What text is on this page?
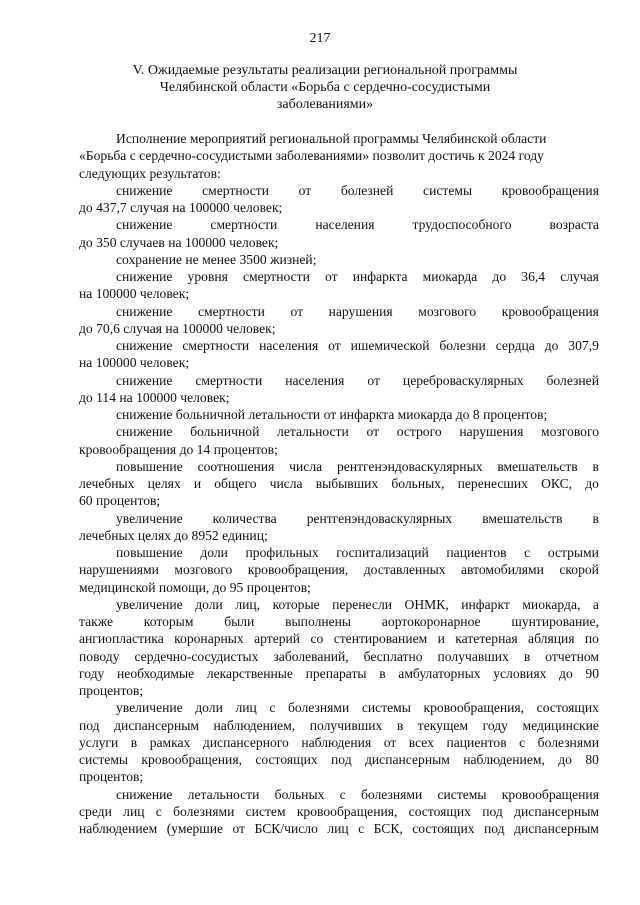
217
V. Ожидаемые результаты реализации региональной программы
Челябинской области «Борьба с сердечно-сосудистыми
заболеваниями»
Исполнение мероприятий региональной программы Челябинской области
«Борьба с сердечно-сосудистыми заболеваниями» позволит достичь к 2024 году
следующих результатов:
снижение смертности от болезней системы кровообращения
до 437,7 случая на 100000 человек;
снижение	смертности	населения	трудоспособного	возраста
до 350 случаев на 100000 человек;
сохранение не менее 3500 жизней;
снижение уровня смертности от инфаркта миокарда до 36,4 случая
на 100000 человек;
снижение смертности от нарушения мозгового кровообращения
до 70,6 случая на 100000 человек;
снижение смертности населения от ишемической болезни сердца до 307,9
на 100000 человек;
снижение смертности населения от цереброваскулярных болезней
до 114 на 100000 человек;
снижение больничной летальности от инфаркта миокарда до 8 процентов;
снижение больничной летальности от острого нарушения мозгового
кровообращения до 14 процентов;
повышение соотношения числа рентгенэндоваскулярных вмешательств в
лечебных целях и общего числа выбывших больных, перенесших ОКС, до
60 процентов;
увеличение количества рентгенэндоваскулярных вмешательств в
лечебных целях до 8952 единиц;
повышение доли профильных госпитализаций пациентов с острыми
нарушениями мозгового кровообращения, доставленных автомобилями скорой
медицинской помощи, до 95 процентов;
увеличение доли лиц, которые перенесли ОНМК, инфаркт миокарда, а
также которым были выполнены аортокоронарное шунтирование,
ангиопластика коронарных артерий со стентированием и катетерная абляция по
поводу сердечно-сосудистых заболеваний, бесплатно получавших в отчетном
году необходимые лекарственные препараты в амбулаторных условиях до 90
процентов;
увеличение доли лиц с болезнями системы кровообращения, состоящих
под диспансерным наблюдением, получивших в текущем году медицинские
услуги в рамках диспансерного наблюдения от всех пациентов с болезнями
системы кровообращения, состоящих под диспансерным наблюдением, до 80
процентов;
снижение летальности больных с болезнями системы кровообращения
среди лиц с болезнями систем кровообращения, состоящих под диспансерным
наблюдением (умершие от БСК/число лиц с БСК, состоящих под диспансерным
